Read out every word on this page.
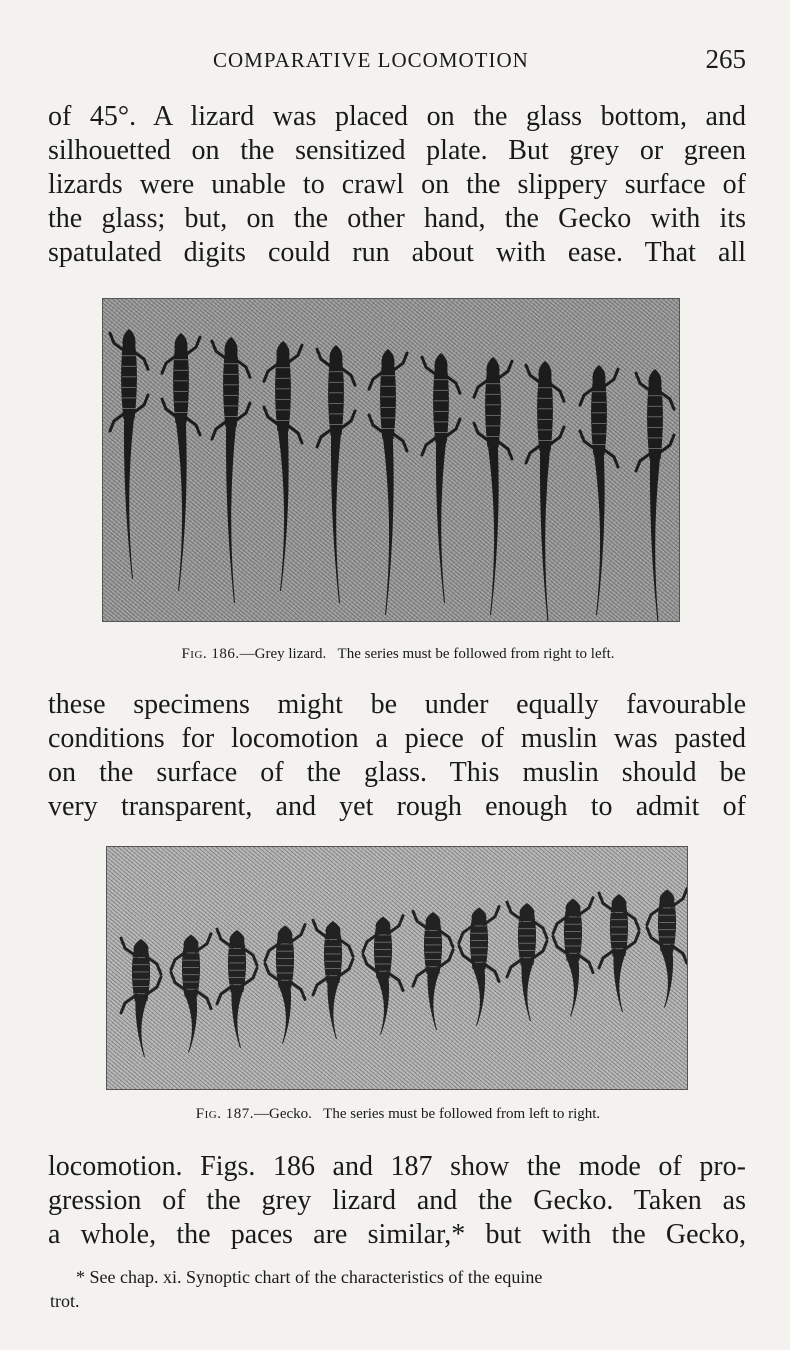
COMPARATIVE LOCOMOTION	265
of 45°. A lizard was placed on the glass bottom, and
silhouetted on the sensitized plate. But grey or green
lizards were unable to crawl on the slippery surface of
the glass; but, on the other hand, the Gecko with its
spatulated digits could run about with ease. That all
Fig. 186.—Grey lizard. The series must be followed from right to left.
these specimens might be under equally favourable
conditions for locomotion a piece of muslin was pasted
on the surface of the glass. This muslin should be
very transparent, and yet rough enough to admit of
Fig. 187.—Gecko. The series must be followed from left to right.
locomotion. Figs. 186 and 187 show the mode of pro-
gression of the grey lizard and the Gecko. Taken as
a whole, the paces are similar,* but with the Gecko,
* See chap. xi. Synoptic chart of the characteristics of the equine
trot.
